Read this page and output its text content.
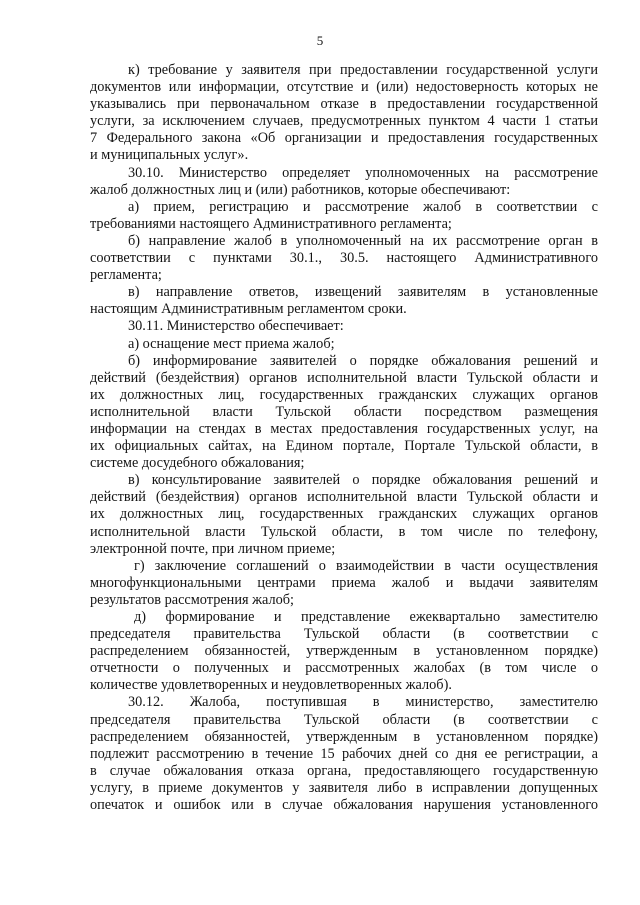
5
к) требование у заявителя при предоставлении государственной услуги
документов или информации, отсутствие и (или) недостоверность которых не
указывались при первоначальном отказе в предоставлении государственной
услуги, за исключением случаев, предусмотренных пунктом 4 части 1 статьи
7 Федерального закона «Об организации и предоставления государственных
и муниципальных услуг».
30.10. Министерство определяет уполномоченных на рассмотрение
жалоб должностных лиц и (или) работников, которые обеспечивают:
а) прием, регистрацию и рассмотрение жалоб в соответствии с
требованиями настоящего Административного регламента;
б) направление жалоб в уполномоченный на их рассмотрение орган в
соответствии с пунктами 30.1., 30.5. настоящего Административного
регламента;
в) направление ответов, извещений заявителям в установленные
настоящим Административным регламентом сроки.
30.11. Министерство обеспечивает:
а) оснащение мест приема жалоб;
б) информирование заявителей о порядке обжалования решений и
действий (бездействия) органов исполнительной власти Тульской области и
их должностных лиц, государственных гражданских служащих органов
исполнительной власти Тульской области посредством размещения
информации на стендах в местах предоставления государственных услуг, на
их официальных сайтах, на Едином портале, Портале Тульской области, в
системе досудебного обжалования;
в) консультирование заявителей о порядке обжалования решений и
действий (бездействия) органов исполнительной власти Тульской области и
их должностных лиц, государственных гражданских служащих органов
исполнительной власти Тульской области, в том числе по телефону,
электронной почте, при личном приеме;
г) заключение соглашений о взаимодействии в части осуществления
многофункциональными центрами приема жалоб и выдачи заявителям
результатов рассмотрения жалоб;
д) формирование и представление ежеквартально заместителю
председателя правительства Тульской области (в соответствии с
распределением обязанностей, утвержденным в установленном порядке)
отчетности о полученных и рассмотренных жалобах (в том числе о
количестве удовлетворенных и неудовлетворенных жалоб).
30.12. Жалоба, поступившая в министерство, заместителю
председателя правительства Тульской области (в соответствии с
распределением обязанностей, утвержденным в установленном порядке)
подлежит рассмотрению в течение 15 рабочих дней со дня ее регистрации, а
в случае обжалования отказа органа, предоставляющего государственную
услугу, в приеме документов у заявителя либо в исправлении допущенных
опечаток и ошибок или в случае обжалования нарушения установленного
